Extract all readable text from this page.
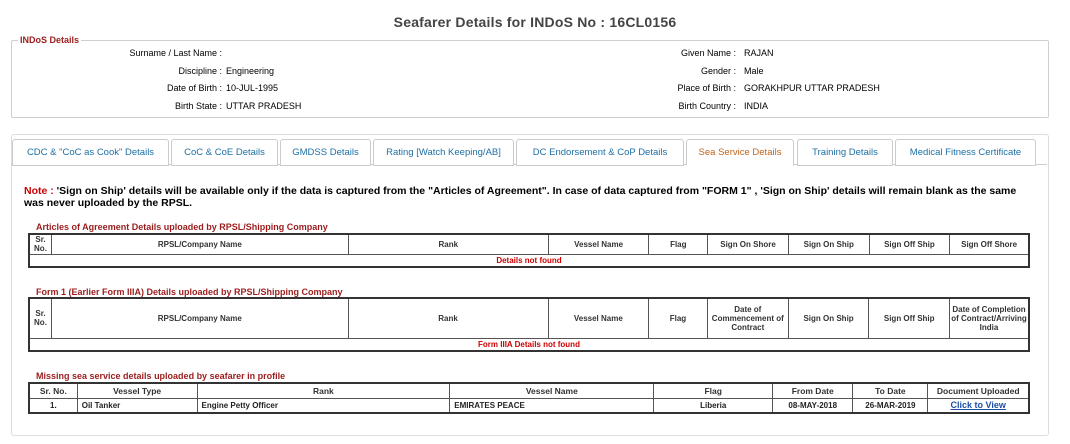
Seafarer Details for INDoS No : 16CL0156
INDoS Details
Surname / Last Name :	Given Name : RAJAN
Discipline : Engineering	Gender : Male
Date of Birth : 10-JUL-1995	Place of Birth : GORAKHPUR UTTAR PRADESH
Birth State : UTTAR PRADESH	Birth Country : INDIA
CDC & "CoC as Cook" Details	CoC & CoE Details	GMDSS Details	Rating [Watch Keeping/AB]	DC Endorsement & CoP Details	Sea Service Details	Training Details	Medical Fitness Certificate
Note : 'Sign on Ship' details will be available only if the data is captured from the "Articles of Agreement". In case of data captured from "FORM 1" , 'Sign on Ship' details will remain blank as the same was never uploaded by the RPSL.
Articles of Agreement Details uploaded by RPSL/Shipping Company
Sr. No.	RPSL/Company Name	Rank	Vessel Name	Flag	Sign On Shore	Sign On Ship	Sign Off Ship	Sign Off Shore
Details not found
Form 1 (Earlier Form IIIA) Details uploaded by RPSL/Shipping Company
Sr. No.	RPSL/Company Name	Rank	Vessel Name	Flag	Date of Commencement of Contract	Sign On Ship	Sign Off Ship	Date of Completion of Contract/Arriving India
Form IIIA Details not found
Missing sea service details uploaded by seafarer in profile
Sr. No.	Vessel Type	Rank	Vessel Name	Flag	From Date	To Date	Document Uploaded
1.	Oil Tanker	Engine Petty Officer	EMIRATES PEACE	Liberia	08-MAY-2018	26-MAR-2019	Click to View
